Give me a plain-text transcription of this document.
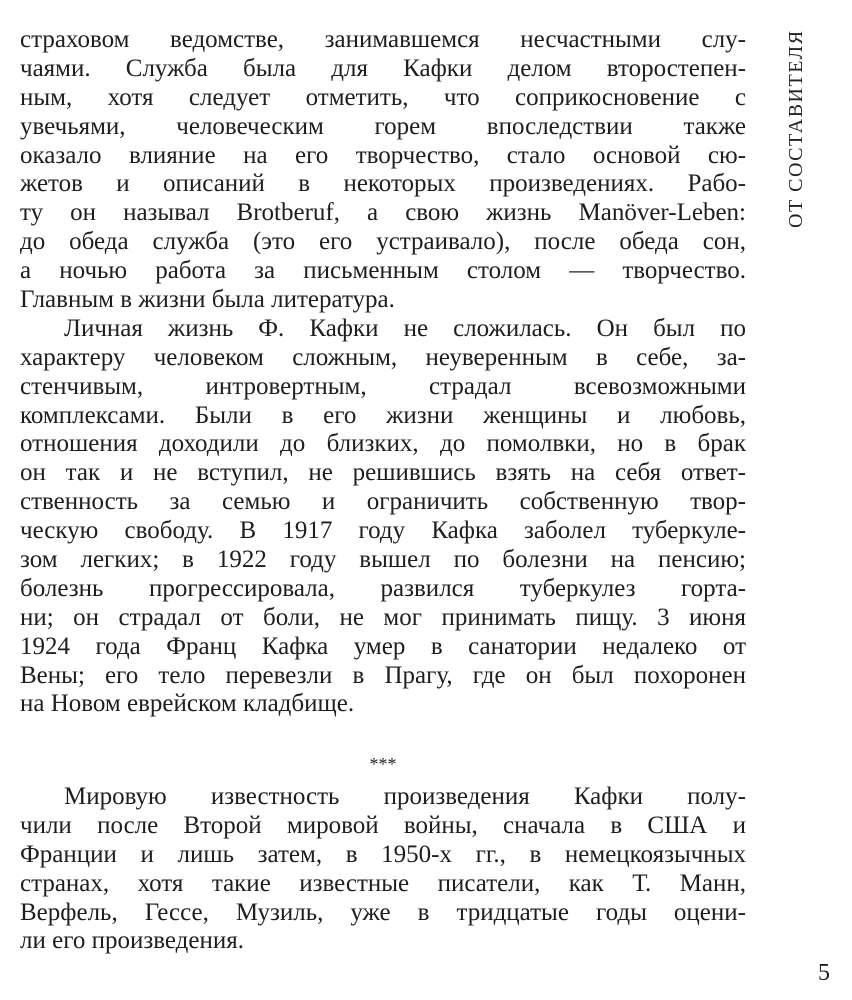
ОТ СОСТАВИТЕЛЯ
страховом ведомстве, занимавшемся несчастными слу-
чаями. Служба была для Кафки делом второстепен-
ным, хотя следует отметить, что соприкосновение с
увечьями, человеческим горем впоследствии также
оказало влияние на его творчество, стало основой сю-
жетов и описаний в некоторых произведениях. Рабо-
ту он называл Brotberuf, а свою жизнь Manöver-Leben:
до обеда служба (это его устраивало), после обеда сон,
а ночью работа за письменным столом — творчество.
Главным в жизни была литература.
Личная жизнь Ф. Кафки не сложилась. Он был по
характеру человеком сложным, неуверенным в себе, за-
стенчивым, интровертным, страдал всевозможными
комплексами. Были в его жизни женщины и любовь,
отношения доходили до близких, до помолвки, но в брак
он так и не вступил, не решившись взять на себя ответ-
ственность за семью и ограничить собственную твор-
ческую свободу. В 1917 году Кафка заболел туберкуле-
зом легких; в 1922 году вышел по болезни на пенсию;
болезнь прогрессировала, развился туберкулез горта-
ни; он страдал от боли, не мог принимать пищу. 3 июня
1924 года Франц Кафка умер в санатории недалеко от
Вены; его тело перевезли в Прагу, где он был похоронен
на Новом еврейском кладбище.
***
Мировую известность произведения Кафки полу-
чили после Второй мировой войны, сначала в США и
Франции и лишь затем, в 1950-х гг., в немецкоязычных
странах, хотя такие известные писатели, как Т. Манн,
Верфель, Гессе, Музиль, уже в тридцатые годы оцени-
ли его произведения.
5
